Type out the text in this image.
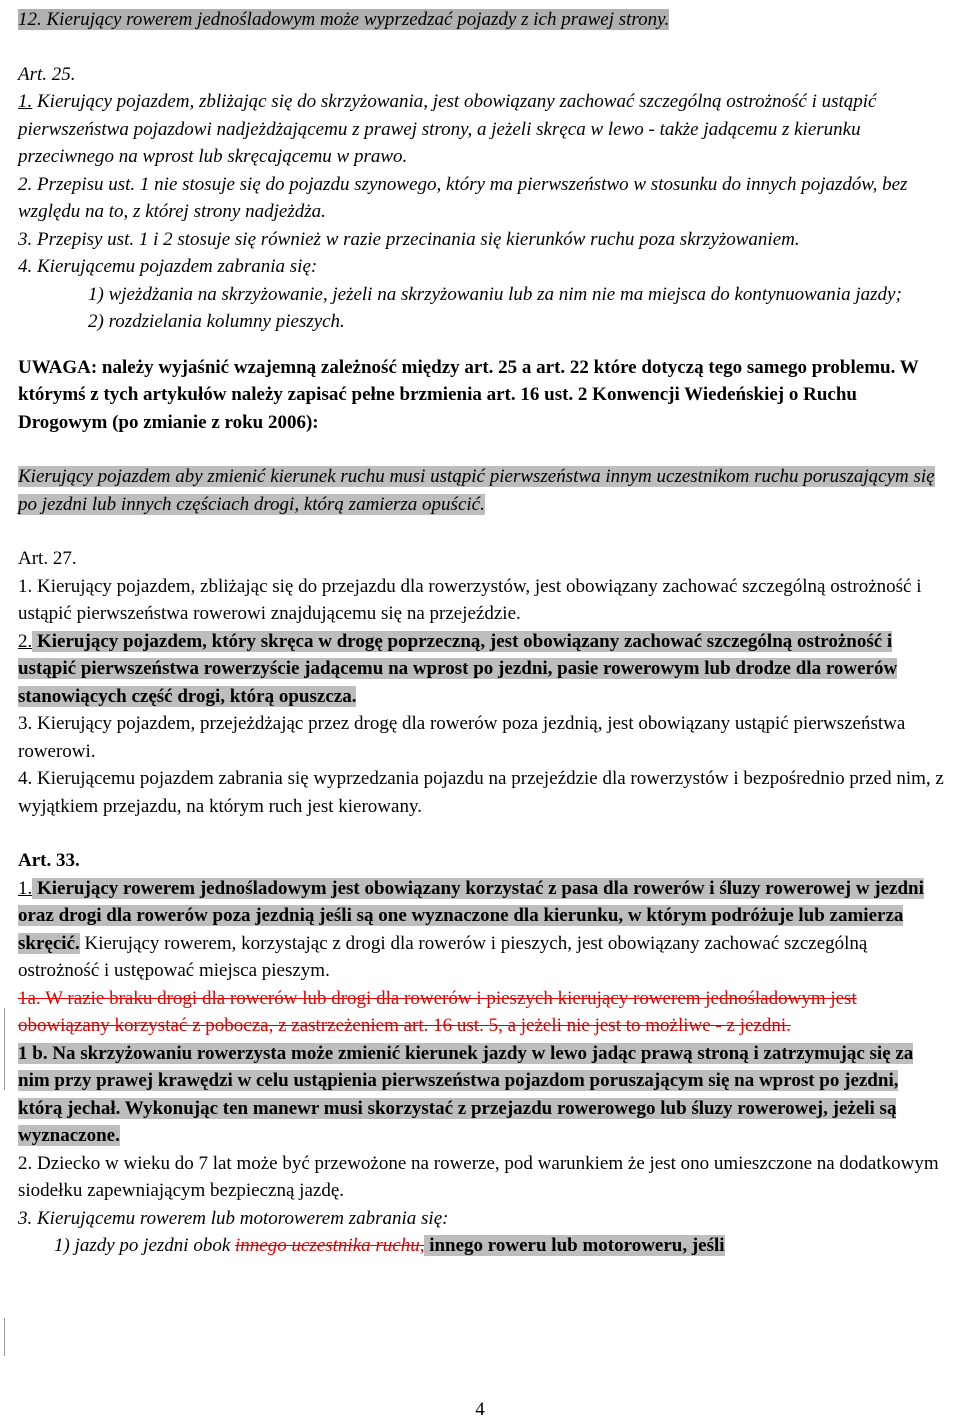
12. Kierujący rowerem jednośladowym może wyprzedzać pojazdy z ich prawej strony.

Art. 25.

1. Kierujący pojazdem, zbliżając się do skrzyżowania, jest obowiązany zachować szczególną ostrożność i ustąpić pierwszeństwa pojazdowi nadjeżdżającemu z prawej strony, a jeżeli skręca w lewo - także jadącemu z kierunku przeciwnego na wprost lub skręcającemu w prawo.

2. Przepisu ust. 1 nie stosuje się do pojazdu szynowego, który ma pierwszeństwo w stosunku do innych pojazdów, bez względu na to, z której strony nadjeżdża.

3. Przepisy ust. 1 i 2 stosuje się również w razie przecinania się kierunków ruchu poza skrzyżowaniem.

4. Kierującemu pojazdem zabrania się:

1) wjeżdżania na skrzyżowanie, jeżeli na skrzyżowaniu lub za nim nie ma miejsca do kontynuowania jazdy;

2) rozdzielania kolumny pieszych.

UWAGA: należy wyjaśnić wzajemną zależność między art. 25 a art. 22 które dotyczą tego samego problemu. W którymś z tych artykułów należy zapisać pełne brzmienia art. 16 ust. 2 Konwencji Wiedeńskiej o Ruchu Drogowym (po zmianie z roku 2006):

Kierujący pojazdem aby zmienić kierunek ruchu musi ustąpić pierwszeństwa innym uczestnikom ruchu poruszającym się po jezdni lub innych częściach drogi, którą zamierza opuścić.

Art. 27.

1. Kierujący pojazdem, zbliżając się do przejazdu dla rowerzystów, jest obowiązany zachować szczególną ostrożność i ustąpić pierwszeństwa rowerowi znajdującemu się na przejeździe.

2. Kierujący pojazdem, który skręca w drogę poprzeczną, jest obowiązany zachować szczególną ostrożność i ustąpić pierwszeństwa rowerzyście jadącemu na wprost po jezdni, pasie rowerowym lub drodze dla rowerów stanowiących część drogi, którą opuszcza.

3. Kierujący pojazdem, przejeżdżając przez drogę dla rowerów poza jezdnią, jest obowiązany ustąpić pierwszeństwa rowerowi.

4. Kierującemu pojazdem zabrania się wyprzedzania pojazdu na przejeździe dla rowerzystów i bezpośrednio przed nim, z wyjątkiem przejazdu, na którym ruch jest kierowany.

Art. 33.

1. Kierujący rowerem jednośladowym jest obowiązany korzystać z pasa dla rowerów i śluzy rowerowej w jezdni oraz drogi dla rowerów poza jezdnią jeśli są one wyznaczone dla kierunku, w którym podróżuje lub zamierza skręcić. Kierujący rowerem, korzystając z drogi dla rowerów i pieszych, jest obowiązany zachować szczególną ostrożność i ustępować miejsca pieszym.

1a. W razie braku drogi dla rowerów lub drogi dla rowerów i pieszych kierujący rowerem jednośladowym jest obowiązany korzystać z pobocza, z zastrzeżeniem art. 16 ust. 5, a jeżeli nie jest to możliwe - z jezdni.

1 b. Na skrzyżowaniu rowerzysta może zmienić kierunek jazdy w lewo jadąc prawą stroną i zatrzymując się za nim przy prawej krawędzi w celu ustąpienia pierwszeństwa pojazdom poruszającym się na wprost po jezdni, którą jechał. Wykonując ten manewr musi skorzystać z przejazdu rowerowego lub śluzy rowerowej, jeżeli są wyznaczone.

2. Dziecko w wieku do 7 lat może być przewożone na rowerze, pod warunkiem że jest ono umieszczone na dodatkowym siodełku zapewniającym bezpieczną jazdę.

3. Kierującemu rowerem lub motorowerem zabrania się:

1) jazdy po jezdni obok innego uczestnika ruchu, innego roweru lub motoroweru, jeśli

4
